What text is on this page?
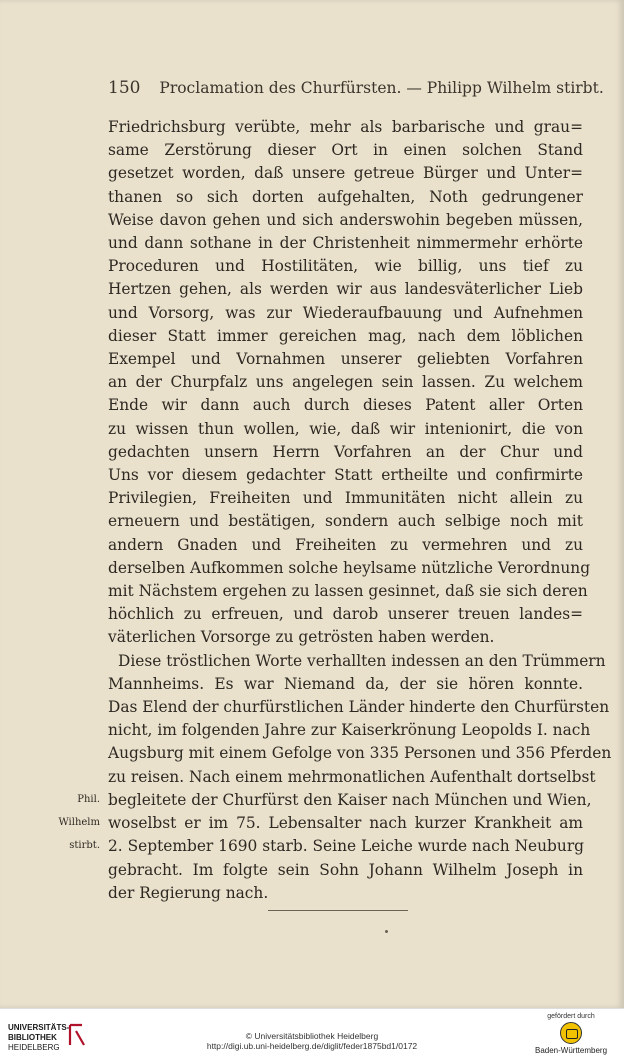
150 Proclamation des Churfürsten. — Philipp Wilhelm stirbt.
Friedrichsburg verübte, mehr als barbarische und grau=
same Zerstörung dieser Ort in einen solchen Stand
gesetzet worden, daß unsere getreue Bürger und Unter=
thanen so sich dorten aufgehalten, Noth gedrungener
Weise davon gehen und sich anderswohin begeben müssen,
und dann sothane in der Christenheit nimmermehr erhörte
Proceduren und Hostilitäten, wie billig, uns tief zu
Hertzen gehen, als werden wir aus landesväterlicher Lieb
und Vorsorg, was zur Wiederaufbauung und Aufnehmen
dieser Statt immer gereichen mag, nach dem löblichen
Exempel und Vornahmen unserer geliebten Vorfahren
an der Churpfalz uns angelegen sein lassen. Zu welchem
Ende wir dann auch durch dieses Patent aller Orten
zu wissen thun wollen, wie, daß wir intenionirt, die von
gedachten unsern Herrn Vorfahren an der Chur und
Uns vor diesem gedachter Statt ertheilte und confirmirte
Privilegien, Freiheiten und Immunitäten nicht allein zu
erneuern und bestätigen, sondern auch selbige noch mit
andern Gnaden und Freiheiten zu vermehren und zu
derselben Aufkommen solche heylsame nützliche Verordnung
mit Nächstem ergehen zu lassen gesinnet, daß sie sich deren
höchlich zu erfreuen, und darob unserer treuen landes=
väterlichen Vorsorge zu getrösten haben werden.
Diese tröstlichen Worte verhallten indessen an den Trümmern
Mannheims. Es war Niemand da, der sie hören konnte.
Das Elend der churfürstlichen Länder hinderte den Churfürsten
nicht, im folgenden Jahre zur Kaiserkrönung Leopolds I. nach
Augsburg mit einem Gefolge von 335 Personen und 356 Pferden
zu reisen. Nach einem mehrmonatlichen Aufenthalt dortselbst
begleitete der Churfürst den Kaiser nach München und Wien,
woselbst er im 75. Lebensalter nach kurzer Krankheit am
2. September 1690 starb. Seine Leiche wurde nach Neuburg
gebracht. Im folgte sein Sohn Johann Wilhelm Joseph in
der Regierung nach.
Phil. Wilhelm
stirbt.
UNIVERSITÄTS-
BIBLIOTHEK
HEIDELBERG
© Universitätsbibliothek Heidelberg
http://digi.ub.uni-heidelberg.de/diglit/feder1875bd1/0172
gefördert durch
Baden-Württemberg
